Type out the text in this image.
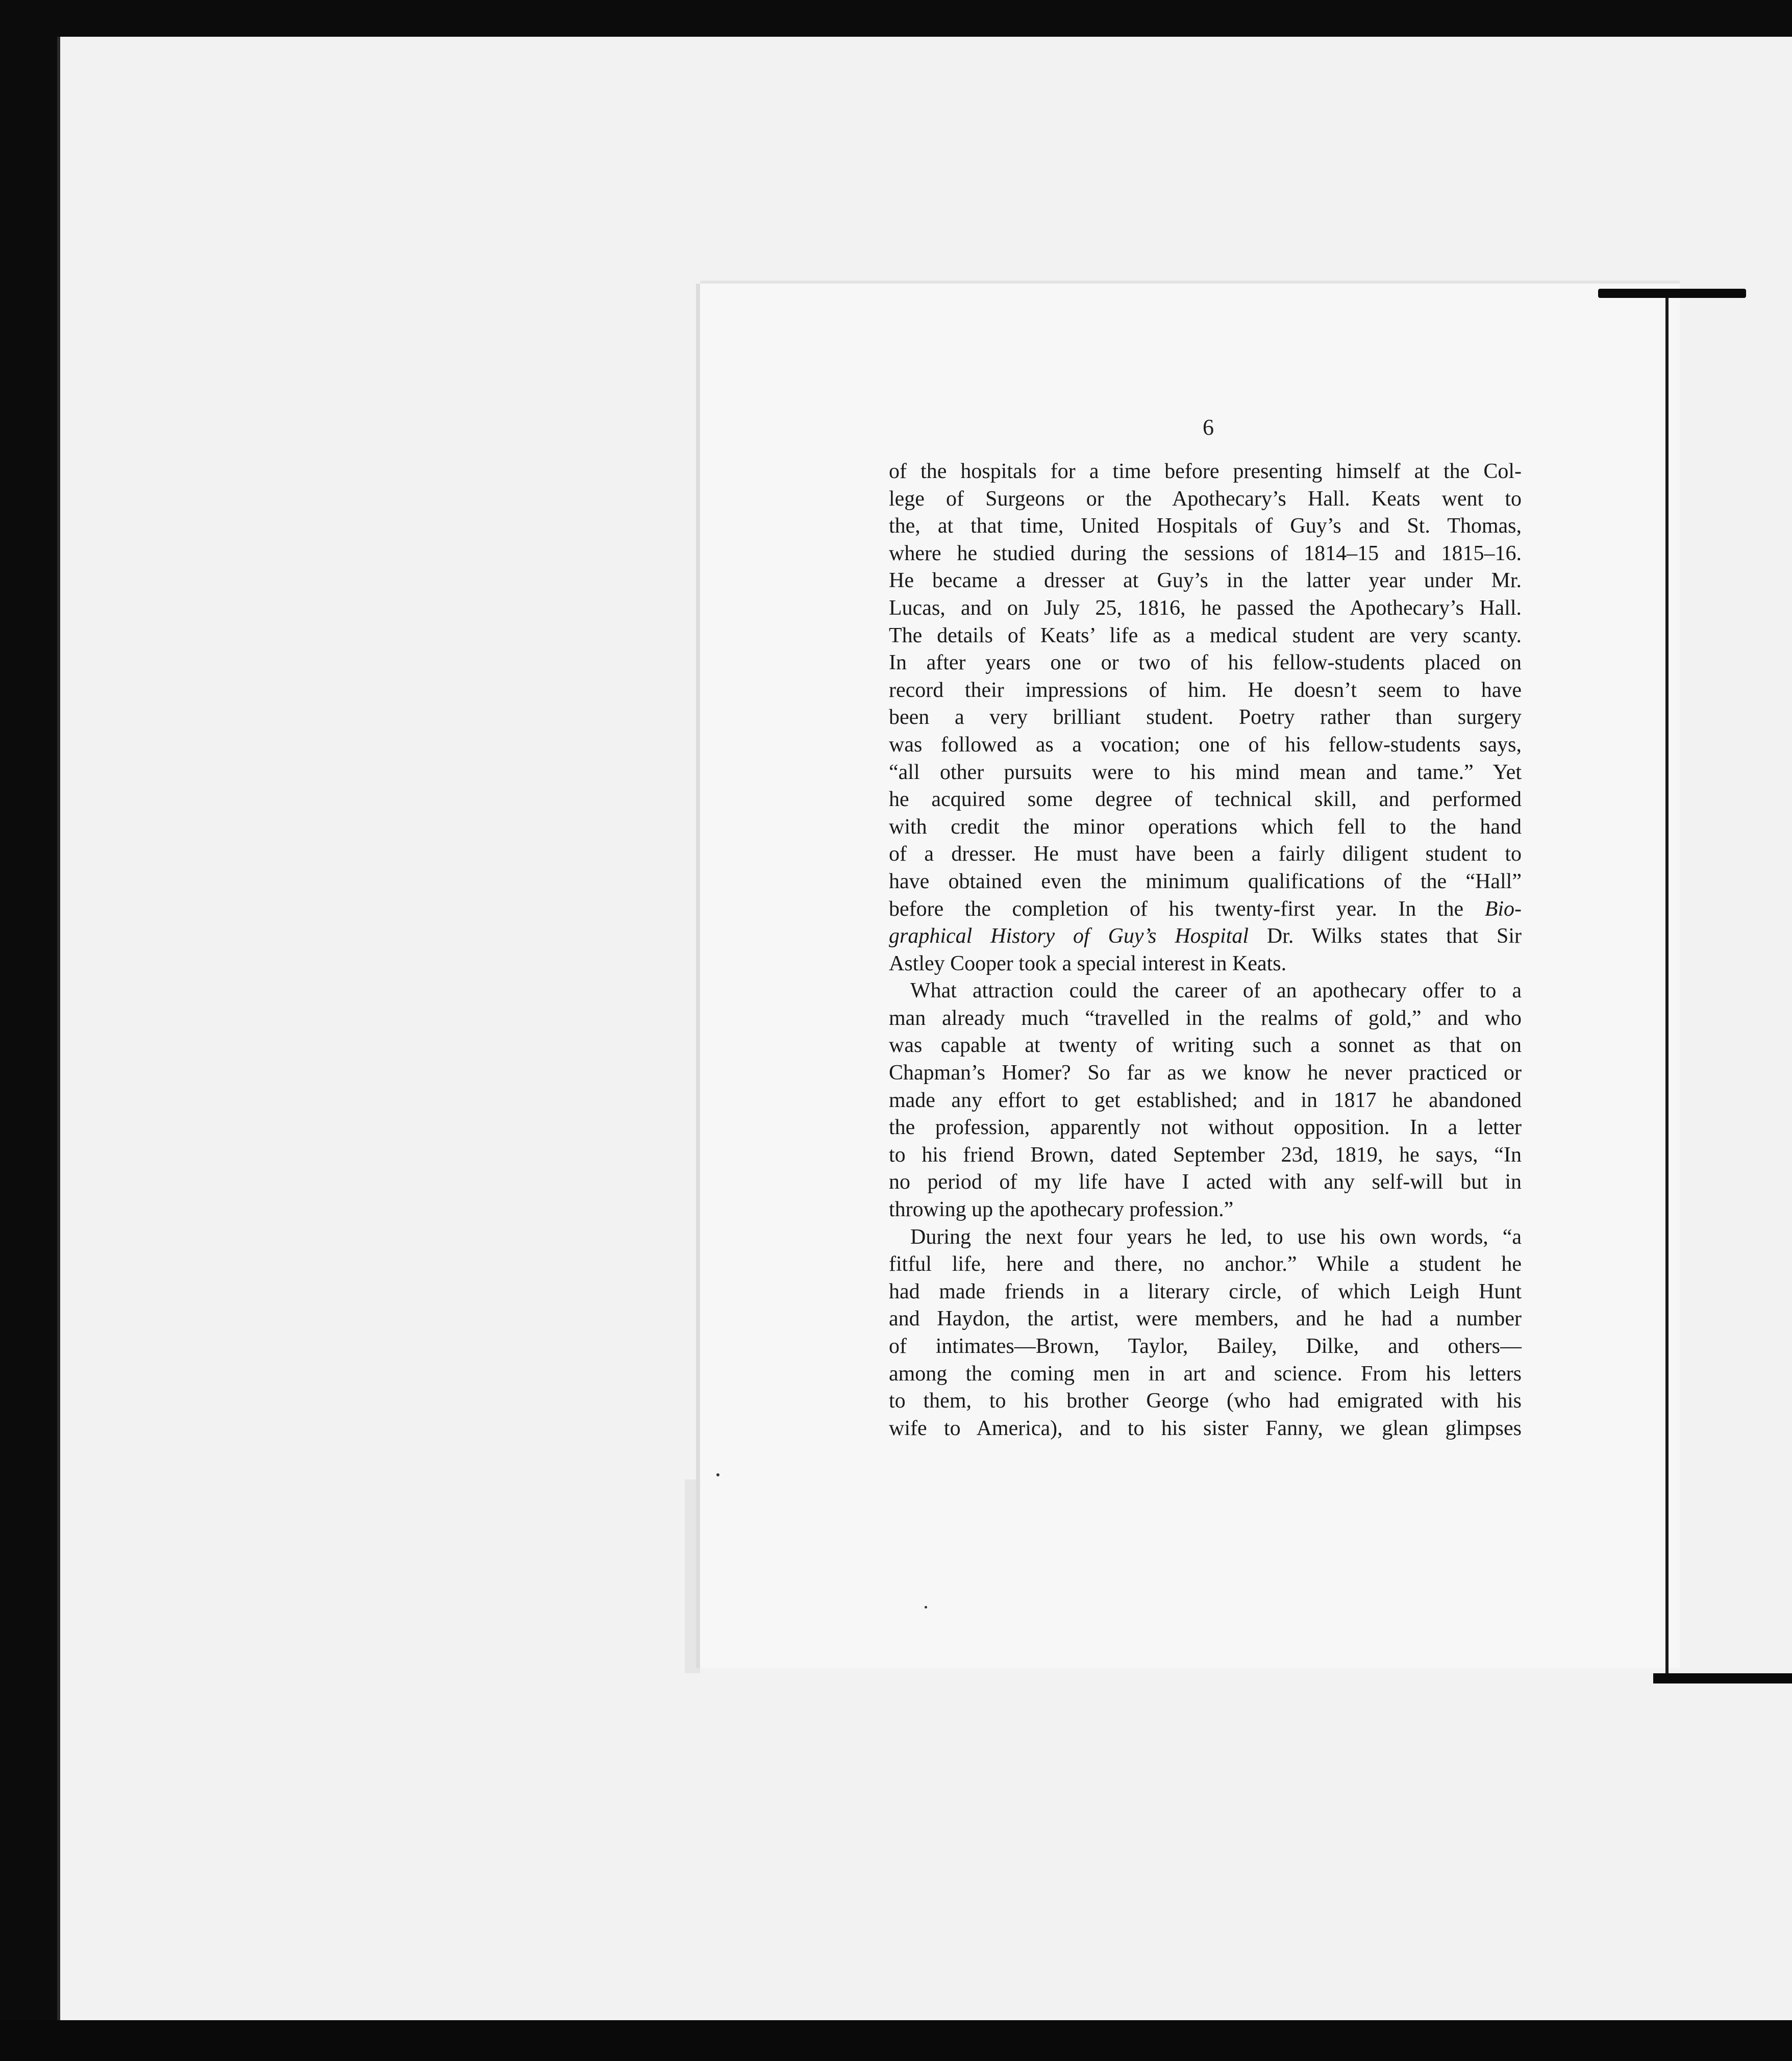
6

of the hospitals for a time before presenting himself at the Col-

lege of Surgeons or the Apothecary’s Hall. Keats went to

the, at that time, United Hospitals of Guy’s and St. Thomas,

where he studied during the sessions of 1814–15 and 1815–16.

He became a dresser at Guy’s in the latter year under Mr.

Lucas, and on July 25, 1816, he passed the Apothecary’s Hall.

The details of Keats’ life as a medical student are very scanty.

In after years one or two of his fellow-students placed on

record their impressions of him. He doesn’t seem to have

been a very brilliant student. Poetry rather than surgery

was followed as a vocation; one of his fellow-students says,

“all other pursuits were to his mind mean and tame.” Yet

he acquired some degree of technical skill, and performed

with credit the minor operations which fell to the hand

of a dresser. He must have been a fairly diligent student to

have obtained even the minimum qualifications of the “Hall”

before the completion of his twenty-first year. In the Bio-

graphical History of Guy’s Hospital Dr. Wilks states that Sir

Astley Cooper took a special interest in Keats.

What attraction could the career of an apothecary offer to a

man already much “travelled in the realms of gold,” and who

was capable at twenty of writing such a sonnet as that on

Chapman’s Homer? So far as we know he never practiced or

made any effort to get established; and in 1817 he abandoned

the profession, apparently not without opposition. In a letter

to his friend Brown, dated September 23d, 1819, he says, “In

no period of my life have I acted with any self-will but in

throwing up the apothecary profession.”

During the next four years he led, to use his own words, “a

fitful life, here and there, no anchor.” While a student he

had made friends in a literary circle, of which Leigh Hunt

and Haydon, the artist, were members, and he had a number

of intimates—Brown, Taylor, Bailey, Dilke, and others—

among the coming men in art and science. From his letters

to them, to his brother George (who had emigrated with his

wife to America), and to his sister Fanny, we glean glimpses
